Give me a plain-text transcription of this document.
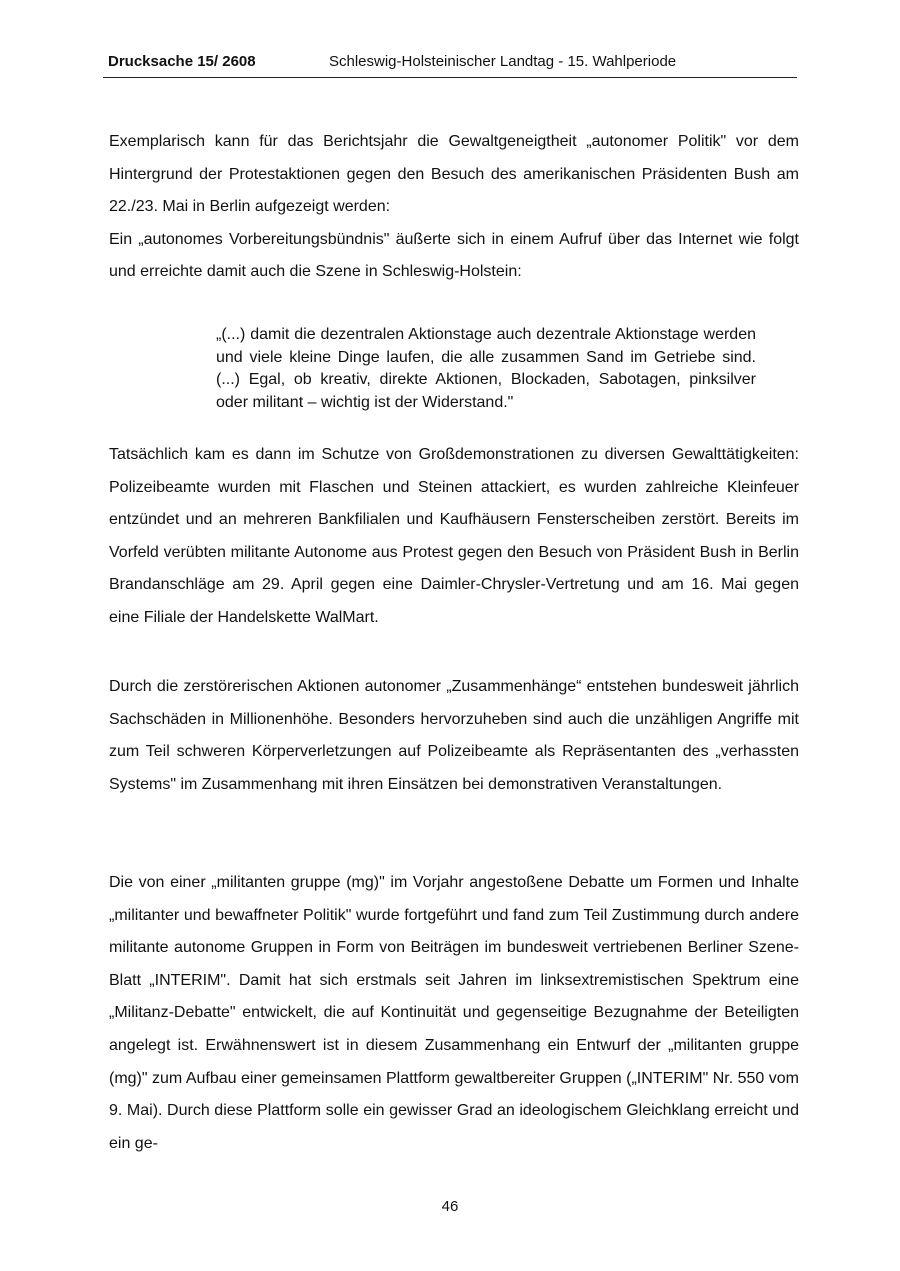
Drucksache 15/ 2608	Schleswig-Holsteinischer Landtag - 15. Wahlperiode

Exemplarisch kann für das Berichtsjahr die Gewaltgeneigtheit „autonomer Politik" vor dem Hintergrund der Protestaktionen gegen den Besuch des amerikanischen Präsidenten Bush am 22./23. Mai in Berlin aufgezeigt werden:

Ein „autonomes Vorbereitungsbündnis" äußerte sich in einem Aufruf über das Internet wie folgt und erreichte damit auch die Szene in Schleswig-Holstein:

„(...) damit die dezentralen Aktionstage auch dezentrale Aktionstage werden und viele kleine Dinge laufen, die alle zusammen Sand im Getriebe sind. (...) Egal, ob kreativ, direkte Aktionen, Blockaden, Sabotagen, pinksilver oder militant – wichtig ist der Widerstand."

Tatsächlich kam es dann im Schutze von Großdemonstrationen zu diversen Gewalttätigkeiten: Polizeibeamte wurden mit Flaschen und Steinen attackiert, es wurden zahlreiche Kleinfeuer entzündet und an mehreren Bankfilialen und Kaufhäusern Fensterscheiben zerstört. Bereits im Vorfeld verübten militante Autonome aus Protest gegen den Besuch von Präsident Bush in Berlin Brandanschläge am 29. April gegen eine Daimler-Chrysler-Vertretung und am 16. Mai gegen eine Filiale der Handelskette WalMart.

Durch die zerstörerischen Aktionen autonomer „Zusammenhänge“ entstehen bundesweit jährlich Sachschäden in Millionenhöhe. Besonders hervorzuheben sind auch die unzähligen Angriffe mit zum Teil schweren Körperverletzungen auf Polizeibeamte als Repräsentanten des „verhassten Systems" im Zusammenhang mit ihren Einsätzen bei demonstrativen Veranstaltungen.

Die von einer „militanten gruppe (mg)" im Vorjahr angestoßene Debatte um Formen und Inhalte „militanter und bewaffneter Politik" wurde fortgeführt und fand zum Teil Zustimmung durch andere militante autonome Gruppen in Form von Beiträgen im bundesweit vertriebenen Berliner Szene-Blatt „INTERIM". Damit hat sich erstmals seit Jahren im linksextremistischen Spektrum eine „Militanz-Debatte" entwickelt, die auf Kontinuität und gegenseitige Bezugnahme der Beteiligten angelegt ist. Erwähnenswert ist in diesem Zusammenhang ein Entwurf der „militanten gruppe (mg)" zum Aufbau einer gemeinsamen Plattform gewaltbereiter Gruppen („INTERIM" Nr. 550 vom 9. Mai). Durch diese Plattform solle ein gewisser Grad an ideologischem Gleichklang erreicht und ein ge-

46
